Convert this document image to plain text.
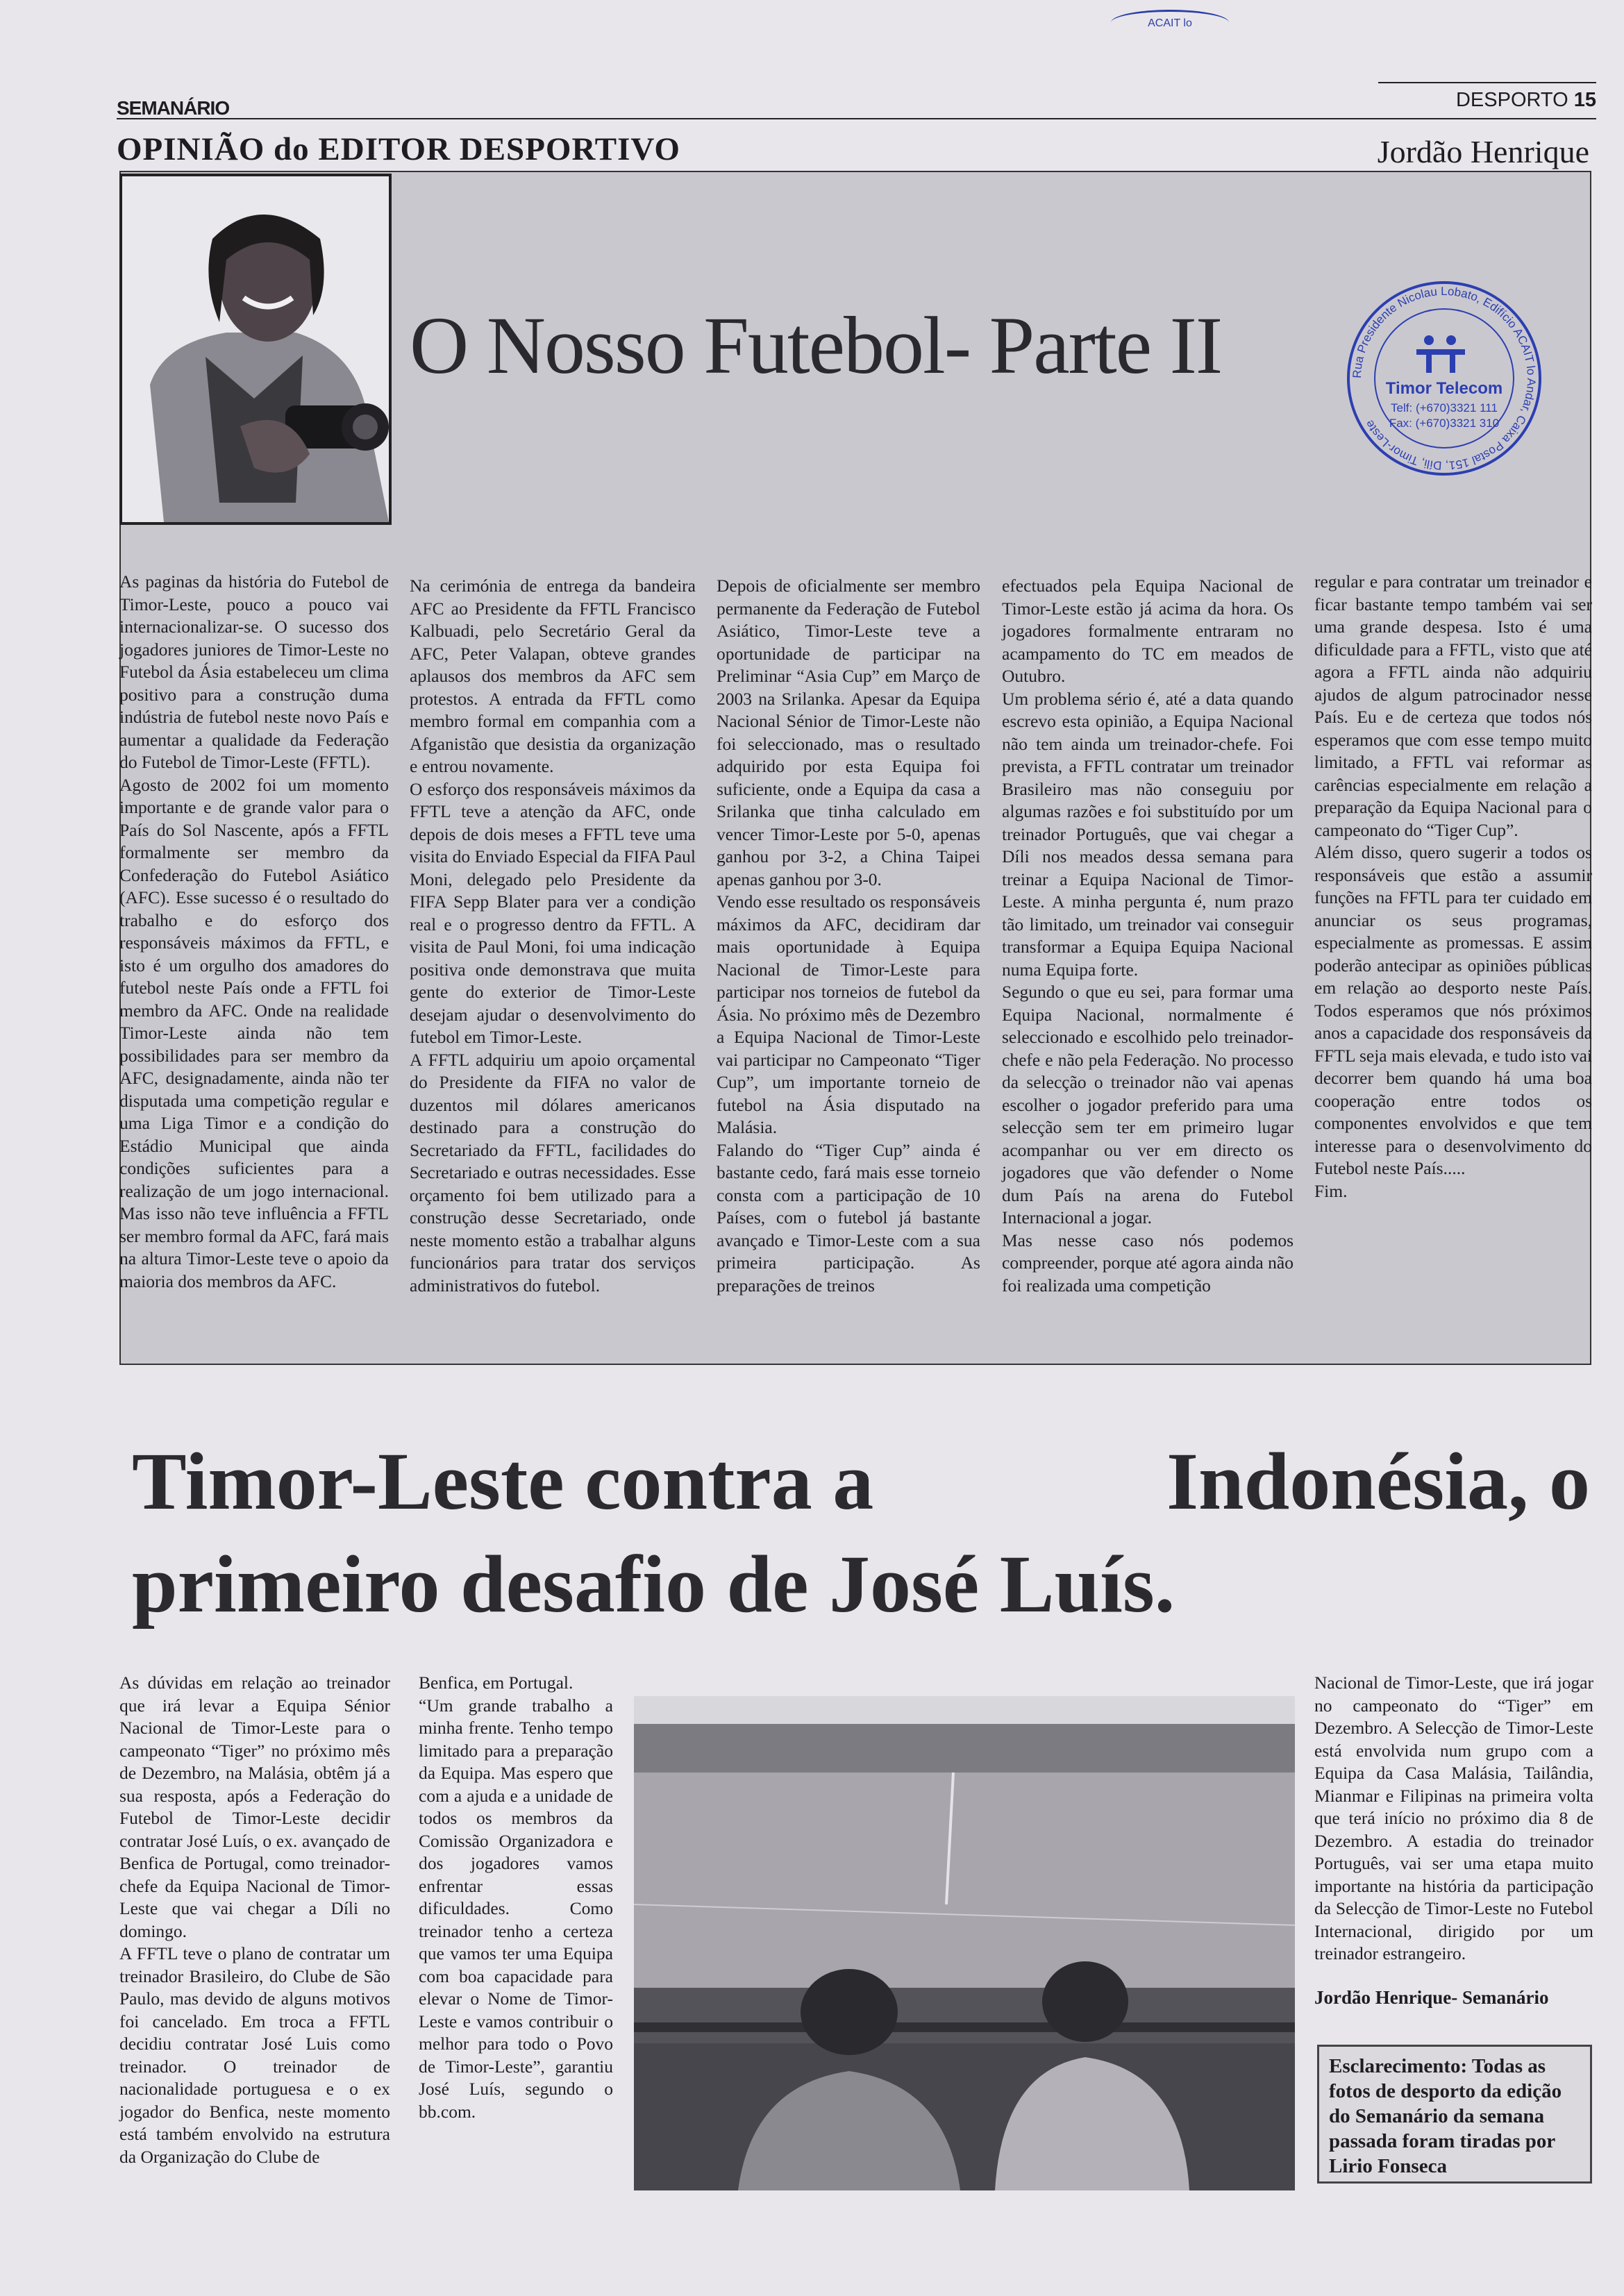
ACAIT lo
SEMANÁRIO	DESPORTO 15
OPINIÃO do EDITOR DESPORTIVO	Jordão Henrique
O Nosso Futebol- Parte II	Rua Presidente Nicolau Lobato, Edifício ACAIT lo Andar, Caixa Postal 151, Díli, Timor-Leste
Timor Telecom
Telf: (+670)3321 111
Fax: (+670)3321 310

As paginas da história do Futebol de Timor-Leste, pouco a pouco vai internacionalizar-se. O sucesso dos jogadores juniores de Timor-Leste no Futebol da Ásia estabeleceu um clima positivo para a construção duma indústria de futebol neste novo País e aumentar a qualidade da Federação do Futebol de Timor-Leste (FFTL).

Agosto de 2002 foi um momento importante e de grande valor para o País do Sol Nascente, após a FFTL formalmente ser membro da Confederação do Futebol Asiático (AFC). Esse sucesso é o resultado do trabalho e do esforço dos responsáveis máximos da FFTL, e isto é um orgulho dos amadores do futebol neste País onde a FFTL foi membro da AFC. Onde na realidade Timor-Leste ainda não tem possibilidades para ser membro da AFC, designadamente, ainda não ter disputada uma competição regular e uma Liga Timor e a condição do Estádio Municipal que ainda condições suficientes para a realização de um jogo internacional. Mas isso não teve influência a FFTL ser membro formal da AFC, fará mais na altura Timor-Leste teve o apoio da maioria dos membros da AFC.

Na cerimónia de entrega da bandeira AFC ao Presidente da FFTL Francisco Kalbuadi, pelo Secretário Geral da AFC, Peter Valapan, obteve grandes aplausos dos membros da AFC sem protestos. A entrada da FFTL como membro formal em companhia com a Afganistão que desistia da organização e entrou novamente.

O esforço dos responsáveis máximos da FFTL teve a atenção da AFC, onde depois de dois meses a FFTL teve uma visita do Enviado Especial da FIFA Paul Moni, delegado pelo Presidente da FIFA Sepp Blater para ver a condição real e o progresso dentro da FFTL. A visita de Paul Moni, foi uma indicação positiva onde demonstrava que muita gente do exterior de Timor-Leste desejam ajudar o desenvolvimento do futebol em Timor-Leste.

A FFTL adquiriu um apoio orçamental do Presidente da FIFA no valor de duzentos mil dólares americanos destinado para a construção do Secretariado da FFTL, facilidades do Secretariado e outras necessidades. Esse orçamento foi bem utilizado para a construção desse Secretariado, onde neste momento estão a trabalhar alguns funcionários para tratar dos serviços administrativos do futebol.

Depois de oficialmente ser membro permanente da Federação de Futebol Asiático, Timor-Leste teve a oportunidade de participar na Preliminar “Asia Cup” em Março de 2003 na Srilanka. Apesar da Equipa Nacional Sénior de Timor-Leste não foi seleccionado, mas o resultado adquirido por esta Equipa foi suficiente, onde a Equipa da casa a Srilanka que tinha calculado em vencer Timor-Leste por 5-0, apenas ganhou por 3-2, a China Taipei apenas ganhou por 3-0.

Vendo esse resultado os responsáveis máximos da AFC, decidiram dar mais oportunidade à Equipa Nacional de Timor-Leste para participar nos torneios de futebol da Ásia. No próximo mês de Dezembro a Equipa Nacional de Timor-Leste vai participar no Campeonato “Tiger Cup”, um importante torneio de futebol na Ásia disputado na Malásia.

Falando do “Tiger Cup” ainda é bastante cedo, fará mais esse torneio consta com a participação de 10 Países, com o futebol já bastante avançado e Timor-Leste com a sua primeira participação. As preparações de treinos

efectuados pela Equipa Nacional de Timor-Leste estão já acima da hora. Os jogadores formalmente entraram no acampamento do TC em meados de Outubro.

Um problema sério é, até a data quando escrevo esta opinião, a Equipa Nacional não tem ainda um treinador-chefe. Foi prevista, a FFTL contratar um treinador Brasileiro mas não conseguiu por algumas razões e foi substituído por um treinador Português, que vai chegar a Díli nos meados dessa semana para treinar a Equipa Nacional de Timor-Leste. A minha pergunta é, num prazo tão limitado, um treinador vai conseguir transformar a Equipa Equipa Nacional numa Equipa forte.

Segundo o que eu sei, para formar uma Equipa Nacional, normalmente é seleccionado e escolhido pelo treinador-chefe e não pela Federação. No processo da selecção o treinador não vai apenas escolher o jogador preferido para uma selecção sem ter em primeiro lugar acompanhar ou ver em directo os jogadores que vão defender o Nome dum País na arena do Futebol Internacional a jogar.

Mas nesse caso nós podemos compreender, porque até agora ainda não foi realizada uma competição

regular e para contratar um treinador e ficar bastante tempo também vai ser uma grande despesa. Isto é uma dificuldade para a FFTL, visto que até agora a FFTL ainda não adquiriu ajudos de algum patrocinador nesse País. Eu e de certeza que todos nós esperamos que com esse tempo muito limitado, a FFTL vai reformar as carências especialmente em relação a preparação da Equipa Nacional para o campeonato do “Tiger Cup”.

Além disso, quero sugerir a todos os responsáveis que estão a assumir funções na FFTL para ter cuidado em anunciar os seus programas, especialmente as promessas. E assim poderão antecipar as opiniões públicas em relação ao desporto neste País. Todos esperamos que nós próximos anos a capacidade dos responsáveis da FFTL seja mais elevada, e tudo isto vai decorrer bem quando há uma boa cooperação entre todos os componentes envolvidos e que tem interesse para o desenvolvimento do Futebol neste País.....

Fim.

Timor-Leste contra a	Indonésia, o
primeiro desafio de José Luís.

As dúvidas em relação ao treinador que irá levar a Equipa Sénior Nacional de Timor-Leste para o campeonato “Tiger” no próximo mês de Dezembro, na Malásia, obtêm já a sua resposta, após a Federação do Futebol de Timor-Leste decidir contratar José Luís, o ex. avançado de Benfica de Portugal, como treinador-chefe da Equipa Nacional de Timor-Leste que vai chegar a Díli no domingo.

A FFTL teve o plano de contratar um treinador Brasileiro, do Clube de São Paulo, mas devido de alguns motivos foi cancelado. Em troca a FFTL decidiu contratar José Luis como treinador. O treinador de nacionalidade portuguesa e o ex jogador do Benfica, neste momento está também envolvido na estrutura da Organização do Clube de

Benfica, em Portugal.

“Um grande trabalho a minha frente. Tenho tempo limitado para a preparação da Equipa. Mas espero que com a ajuda e a unidade de todos os membros da Comissão Organizadora e dos jogadores vamos enfrentar essas dificuldades. Como treinador tenho a certeza que vamos ter uma Equipa com boa capacidade para elevar o Nome de Timor-Leste e vamos contribuir o melhor para todo o Povo de Timor-Leste”, garantiu José Luís, segundo o bb.com.

Nacional de Timor-Leste, que irá jogar no campeonato do “Tiger” em Dezembro. A Selecção de Timor-Leste está envolvida num grupo com a Equipa da Casa Malásia, Tailândia, Mianmar e Filipinas na primeira volta que terá início no próximo dia 8 de Dezembro. A estadia do treinador Português, vai ser uma etapa muito importante na história da participação da Selecção de Timor-Leste no Futebol Internacional, dirigido por um treinador estrangeiro.

Jordão Henrique- Semanário
Esclarecimento: Todas as fotos de desporto da edição do Semanário da semana passada foram tiradas por Lirio Fonseca
